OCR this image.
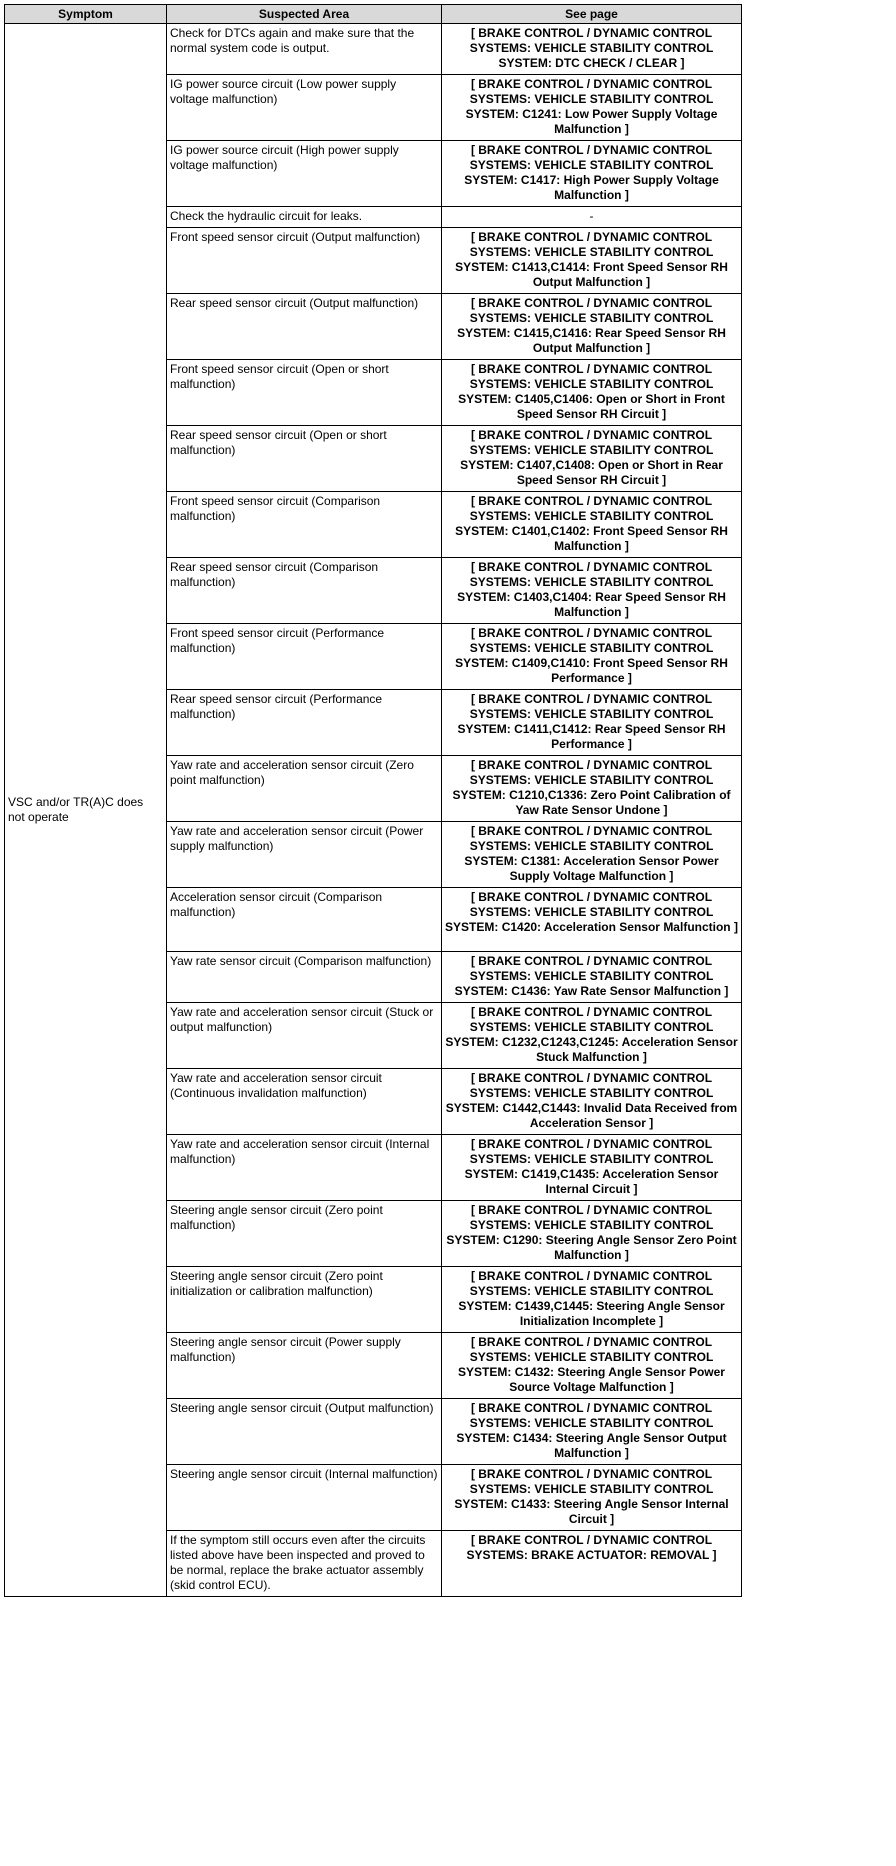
Symptom	Suspected Area	See page
VSC and/or TR(A)C does not operate	Check for DTCs again and make sure that the normal system code is output.	[ BRAKE CONTROL / DYNAMIC CONTROL SYSTEMS: VEHICLE STABILITY CONTROL SYSTEM: DTC CHECK / CLEAR ]
	IG power source circuit (Low power supply voltage malfunction)	[ BRAKE CONTROL / DYNAMIC CONTROL SYSTEMS: VEHICLE STABILITY CONTROL SYSTEM: C1241: Low Power Supply Voltage Malfunction ]
	IG power source circuit (High power supply voltage malfunction)	[ BRAKE CONTROL / DYNAMIC CONTROL SYSTEMS: VEHICLE STABILITY CONTROL SYSTEM: C1417: High Power Supply Voltage Malfunction ]
	Check the hydraulic circuit for leaks.	-
	Front speed sensor circuit (Output malfunction)	[ BRAKE CONTROL / DYNAMIC CONTROL SYSTEMS: VEHICLE STABILITY CONTROL SYSTEM: C1413,C1414: Front Speed Sensor RH Output Malfunction ]
	Rear speed sensor circuit (Output malfunction)	[ BRAKE CONTROL / DYNAMIC CONTROL SYSTEMS: VEHICLE STABILITY CONTROL SYSTEM: C1415,C1416: Rear Speed Sensor RH Output Malfunction ]
	Front speed sensor circuit (Open or short malfunction)	[ BRAKE CONTROL / DYNAMIC CONTROL SYSTEMS: VEHICLE STABILITY CONTROL SYSTEM: C1405,C1406: Open or Short in Front Speed Sensor RH Circuit ]
	Rear speed sensor circuit (Open or short malfunction)	[ BRAKE CONTROL / DYNAMIC CONTROL SYSTEMS: VEHICLE STABILITY CONTROL SYSTEM: C1407,C1408: Open or Short in Rear Speed Sensor RH Circuit ]
	Front speed sensor circuit (Comparison malfunction)	[ BRAKE CONTROL / DYNAMIC CONTROL SYSTEMS: VEHICLE STABILITY CONTROL SYSTEM: C1401,C1402: Front Speed Sensor RH Malfunction ]
	Rear speed sensor circuit (Comparison malfunction)	[ BRAKE CONTROL / DYNAMIC CONTROL SYSTEMS: VEHICLE STABILITY CONTROL SYSTEM: C1403,C1404: Rear Speed Sensor RH Malfunction ]
	Front speed sensor circuit (Performance malfunction)	[ BRAKE CONTROL / DYNAMIC CONTROL SYSTEMS: VEHICLE STABILITY CONTROL SYSTEM: C1409,C1410: Front Speed Sensor RH Performance ]
	Rear speed sensor circuit (Performance malfunction)	[ BRAKE CONTROL / DYNAMIC CONTROL SYSTEMS: VEHICLE STABILITY CONTROL SYSTEM: C1411,C1412: Rear Speed Sensor RH Performance ]
	Yaw rate and acceleration sensor circuit (Zero point malfunction)	[ BRAKE CONTROL / DYNAMIC CONTROL SYSTEMS: VEHICLE STABILITY CONTROL SYSTEM: C1210,C1336: Zero Point Calibration of Yaw Rate Sensor Undone ]
	Yaw rate and acceleration sensor circuit (Power supply malfunction)	[ BRAKE CONTROL / DYNAMIC CONTROL SYSTEMS: VEHICLE STABILITY CONTROL SYSTEM: C1381: Acceleration Sensor Power Supply Voltage Malfunction ]
	Acceleration sensor circuit (Comparison malfunction)	[ BRAKE CONTROL / DYNAMIC CONTROL SYSTEMS: VEHICLE STABILITY CONTROL SYSTEM: C1420: Acceleration Sensor Malfunction ]
	Yaw rate sensor circuit (Comparison malfunction)	[ BRAKE CONTROL / DYNAMIC CONTROL SYSTEMS: VEHICLE STABILITY CONTROL SYSTEM: C1436: Yaw Rate Sensor Malfunction ]
	Yaw rate and acceleration sensor circuit (Stuck or output malfunction)	[ BRAKE CONTROL / DYNAMIC CONTROL SYSTEMS: VEHICLE STABILITY CONTROL SYSTEM: C1232,C1243,C1245: Acceleration Sensor Stuck Malfunction ]
	Yaw rate and acceleration sensor circuit (Continuous invalidation malfunction)	[ BRAKE CONTROL / DYNAMIC CONTROL SYSTEMS: VEHICLE STABILITY CONTROL SYSTEM: C1442,C1443: Invalid Data Received from Acceleration Sensor ]
	Yaw rate and acceleration sensor circuit (Internal malfunction)	[ BRAKE CONTROL / DYNAMIC CONTROL SYSTEMS: VEHICLE STABILITY CONTROL SYSTEM: C1419,C1435: Acceleration Sensor Internal Circuit ]
	Steering angle sensor circuit (Zero point malfunction)	[ BRAKE CONTROL / DYNAMIC CONTROL SYSTEMS: VEHICLE STABILITY CONTROL SYSTEM: C1290: Steering Angle Sensor Zero Point Malfunction ]
	Steering angle sensor circuit (Zero point initialization or calibration malfunction)	[ BRAKE CONTROL / DYNAMIC CONTROL SYSTEMS: VEHICLE STABILITY CONTROL SYSTEM: C1439,C1445: Steering Angle Sensor Initialization Incomplete ]
	Steering angle sensor circuit (Power supply malfunction)	[ BRAKE CONTROL / DYNAMIC CONTROL SYSTEMS: VEHICLE STABILITY CONTROL SYSTEM: C1432: Steering Angle Sensor Power Source Voltage Malfunction ]
	Steering angle sensor circuit (Output malfunction)	[ BRAKE CONTROL / DYNAMIC CONTROL SYSTEMS: VEHICLE STABILITY CONTROL SYSTEM: C1434: Steering Angle Sensor Output Malfunction ]
	Steering angle sensor circuit (Internal malfunction)	[ BRAKE CONTROL / DYNAMIC CONTROL SYSTEMS: VEHICLE STABILITY CONTROL SYSTEM: C1433: Steering Angle Sensor Internal Circuit ]
	If the symptom still occurs even after the circuits listed above have been inspected and proved to be normal, replace the brake actuator assembly (skid control ECU).	[ BRAKE CONTROL / DYNAMIC CONTROL SYSTEMS: BRAKE ACTUATOR: REMOVAL ]
